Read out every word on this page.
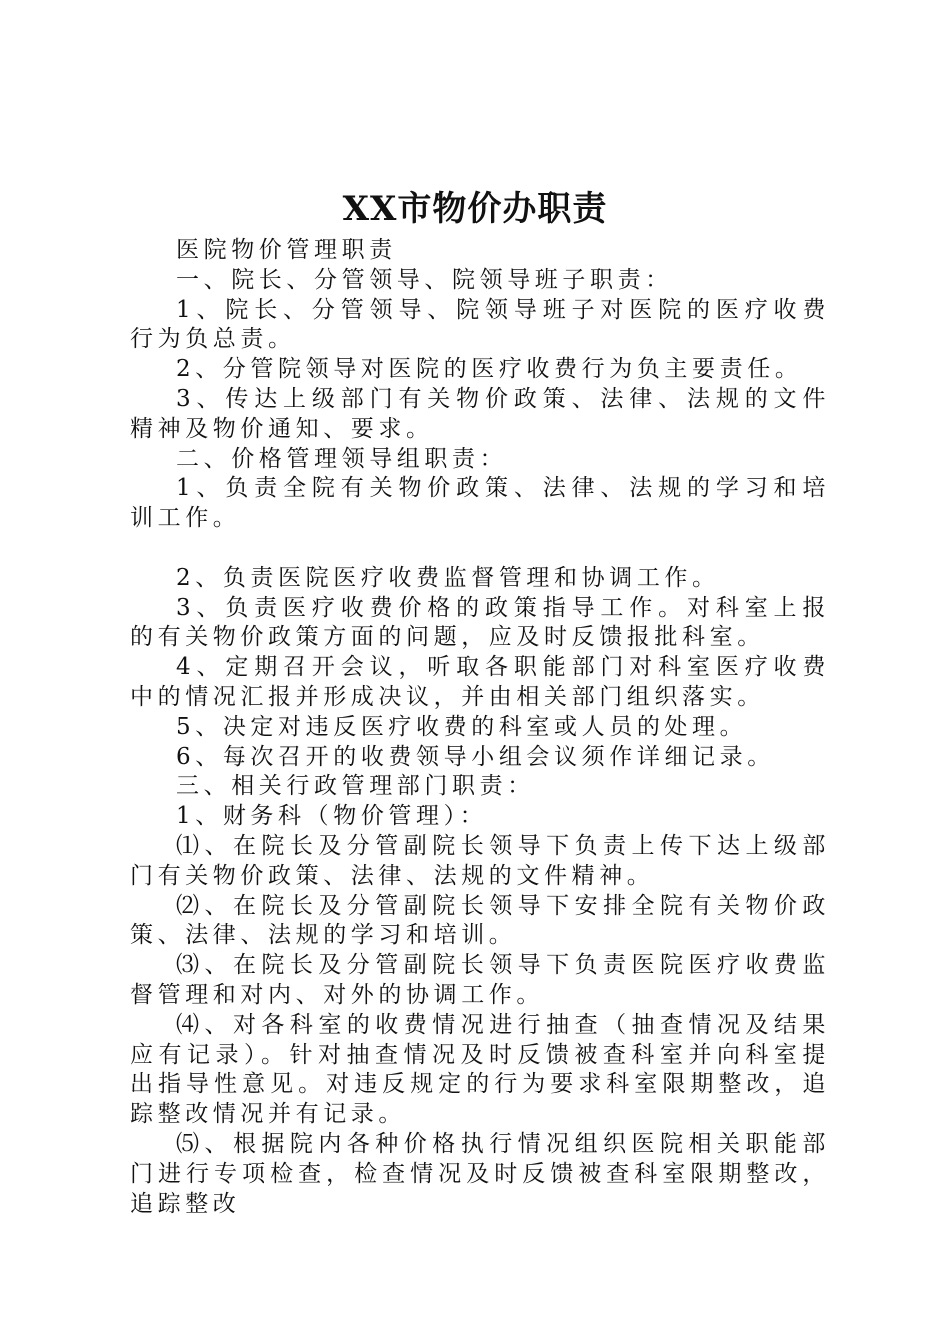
XX市物价办职责

医院物价管理职责

一、院长、分管领导、院领导班子职责：

1、院长、分管领导、院领导班子对医院的医疗收费行为负总责。

2、分管院领导对医院的医疗收费行为负主要责任。

3、传达上级部门有关物价政策、法律、法规的文件精神及物价通知、要求。

二、价格管理领导组职责：

1、负责全院有关物价政策、法律、法规的学习和培训工作。

2、负责医院医疗收费监督管理和协调工作。

3、负责医疗收费价格的政策指导工作。对科室上报的有关物价政策方面的问题，应及时反馈报批科室。

4、定期召开会议，听取各职能部门对科室医疗收费中的情况汇报并形成决议，并由相关部门组织落实。

5、决定对违反医疗收费的科室或人员的处理。

6、每次召开的收费领导小组会议须作详细记录。

三、相关行政管理部门职责：

1、财务科（物价管理）：

⑴、在院长及分管副院长领导下负责上传下达上级部门有关物价政策、法律、法规的文件精神。

⑵、在院长及分管副院长领导下安排全院有关物价政策、法律、法规的学习和培训。

⑶、在院长及分管副院长领导下负责医院医疗收费监督管理和对内、对外的协调工作。

⑷、对各科室的收费情况进行抽查（抽查情况及结果应有记录）。针对抽查情况及时反馈被查科室并向科室提出指导性意见。对违反规定的行为要求科室限期整改，追踪整改情况并有记录。

⑸、根据院内各种价格执行情况组织医院相关职能部门进行专项检查，检查情况及时反馈被查科室限期整改，追踪整改
